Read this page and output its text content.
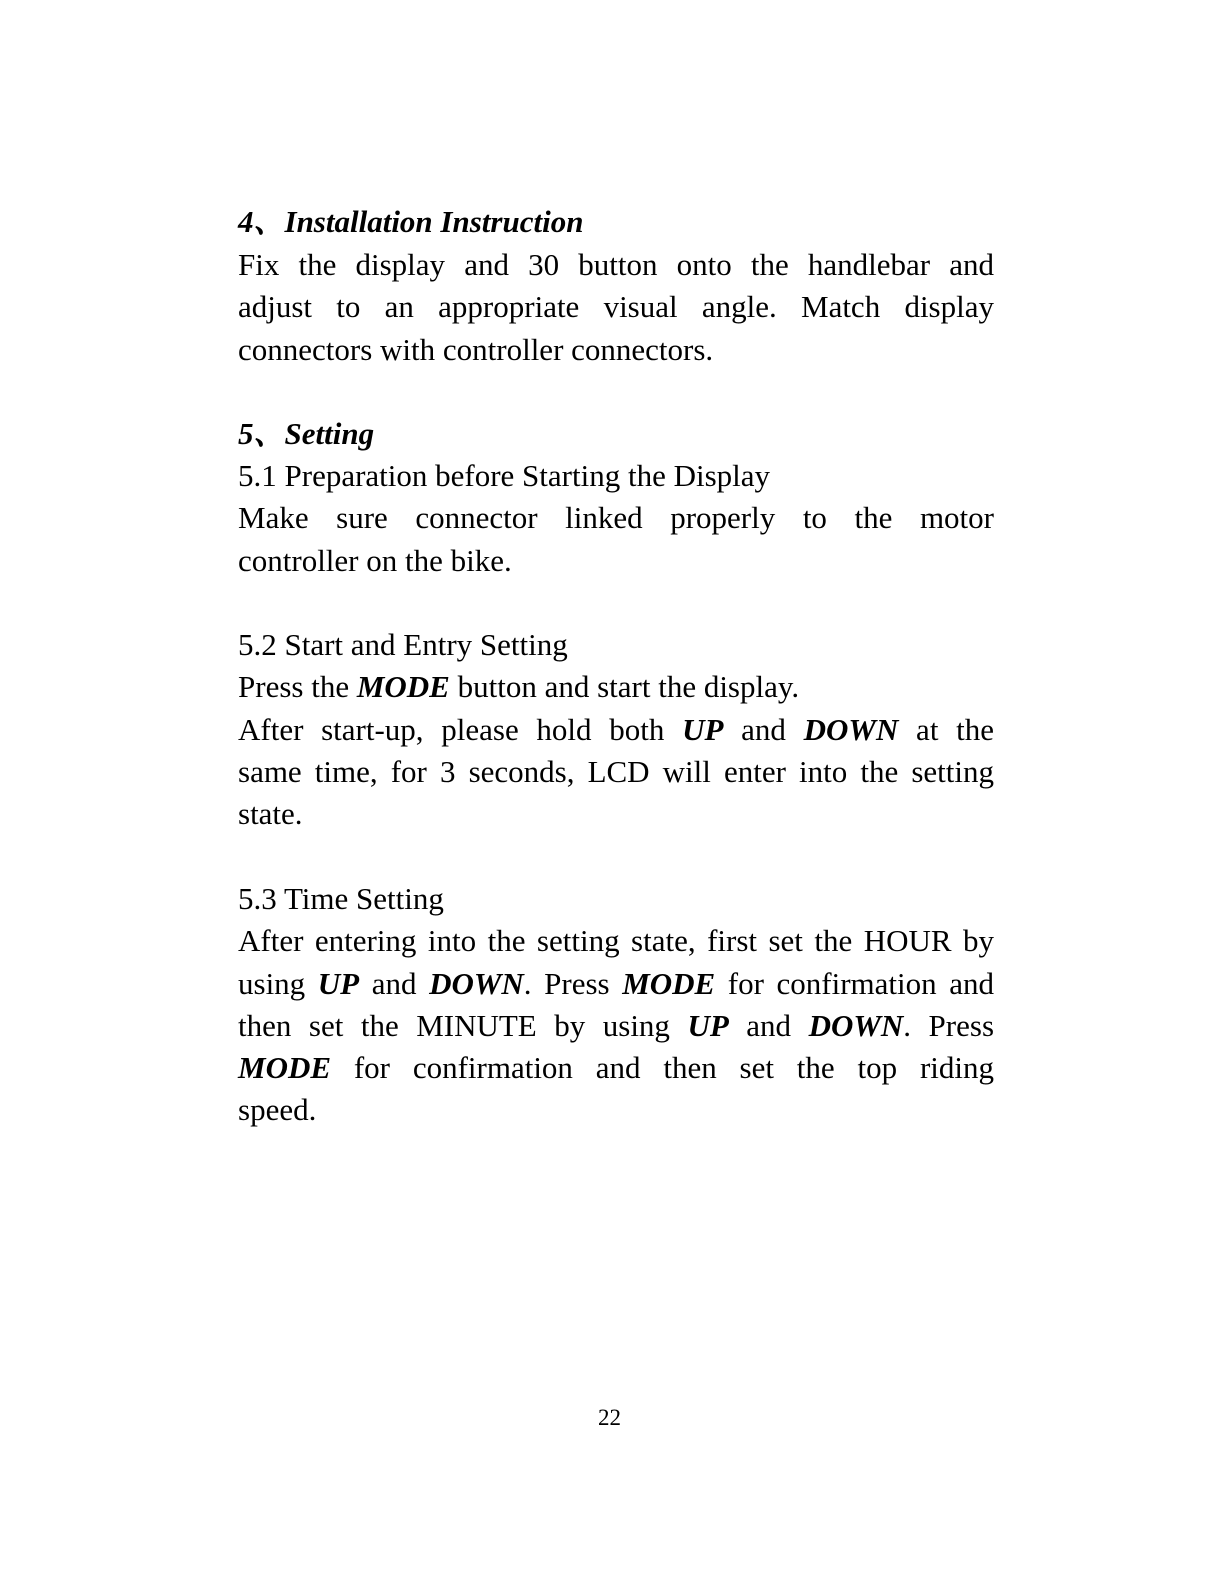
4、Installation Instruction
Fix the display and 30 button onto the handlebar and
adjust to an appropriate visual angle. Match display
connectors with controller connectors.
5、Setting
5.1 Preparation before Starting the Display
Make sure connector linked properly to the motor
controller on the bike.
5.2 Start and Entry Setting
Press the MODE button and start the display.
After start-up, please hold both UP and DOWN at the
same time, for 3 seconds, LCD will enter into the setting
state.
5.3 Time Setting
After entering into the setting state, first set the HOUR by
using UP and DOWN. Press MODE for confirmation and
then set the MINUTE by using UP and DOWN. Press
MODE for confirmation and then set the top riding
speed.
22
